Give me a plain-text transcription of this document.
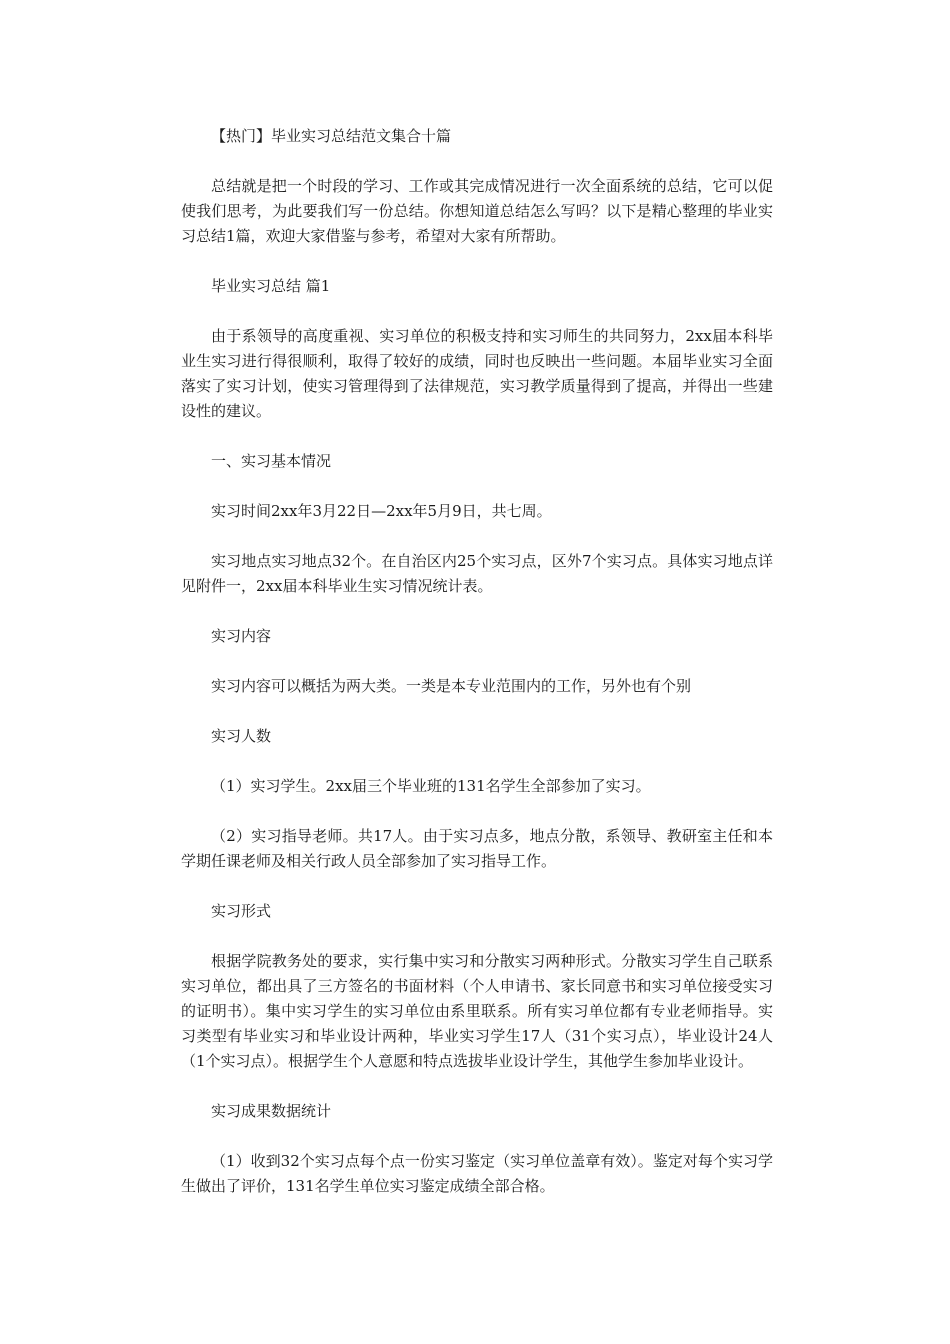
【热门】毕业实习总结范文集合十篇

总结就是把一个时段的学习、工作或其完成情况进行一次全面系统的总结，它可以促使我们思考，为此要我们写一份总结。你想知道总结怎么写吗？以下是精心整理的毕业实习总结1篇，欢迎大家借鉴与参考，希望对大家有所帮助。

毕业实习总结 篇1

由于系领导的高度重视、实习单位的积极支持和实习师生的共同努力，2xx届本科毕业生实习进行得很顺利，取得了较好的成绩，同时也反映出一些问题。本届毕业实习全面落实了实习计划，使实习管理得到了法律规范，实习教学质量得到了提高，并得出一些建设性的建议。

一、实习基本情况

实习时间2xx年3月22日—2xx年5月9日，共七周。

实习地点实习地点32个。在自治区内25个实习点，区外7个实习点。具体实习地点详见附件一，2xx届本科毕业生实习情况统计表。

实习内容

实习内容可以概括为两大类。一类是本专业范围内的工作，另外也有个别

实习人数

（1）实习学生。2xx届三个毕业班的131名学生全部参加了实习。

（2）实习指导老师。共17人。由于实习点多，地点分散，系领导、教研室主任和本学期任课老师及相关行政人员全部参加了实习指导工作。

实习形式

根据学院教务处的要求，实行集中实习和分散实习两种形式。分散实习学生自己联系实习单位，都出具了三方签名的书面材料（个人申请书、家长同意书和实习单位接受实习的证明书）。集中实习学生的实习单位由系里联系。所有实习单位都有专业老师指导。实习类型有毕业实习和毕业设计两种，毕业实习学生17人（31个实习点），毕业设计24人（1个实习点）。根据学生个人意愿和特点选拔毕业设计学生，其他学生参加毕业设计。

实习成果数据统计

（1）收到32个实习点每个点一份实习鉴定（实习单位盖章有效）。鉴定对每个实习学生做出了评价，131名学生单位实习鉴定成绩全部合格。
